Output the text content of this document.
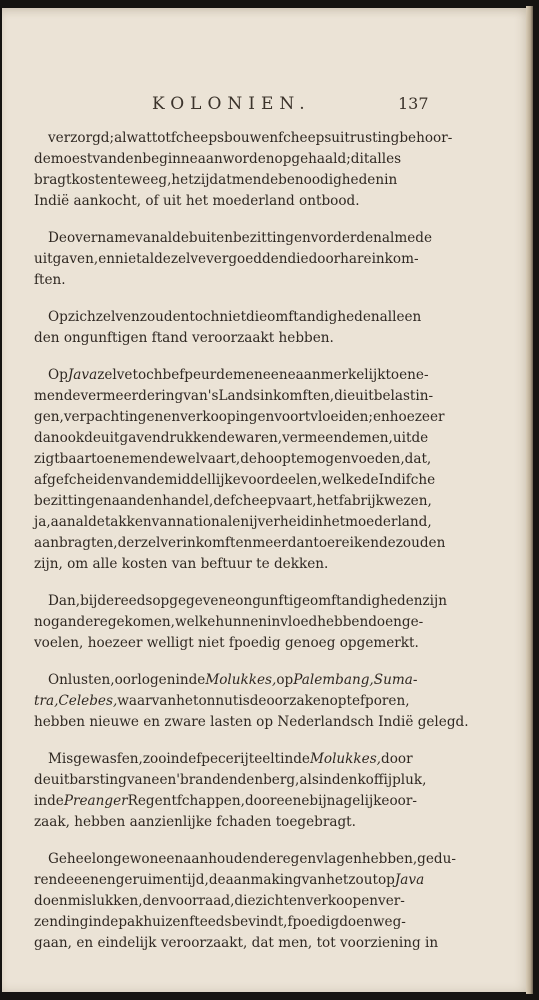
KOLONIEN.	137
verzorgd ; al wat tot fcheepsbouw en fcheepsuitrusting behoor-
de moest van den beginne aan worden opgehaald ; dit alles
bragt kosten te weeg, hetzij dat men de benoodigheden in
Indië aankocht, of uit het moederland ontbood.
De overname van al de buitenbezittingen vorderden almede
uitgaven, en niet al dezelve vergoedden die door hare inkom-
ften.
Op zich zelven zouden toch niet die omftandigheden alleen
den ongunftigen ftand veroorzaakt hebben.
Op Java zelve toch befpeurde men eene aanmerkelijk toene-
mende vermeerdering van 's Lands inkomften, die uit belastin-
gen, verpachtingen en verkoopingen voortvloeiden; en hoezeer
dan ook de uitgaven drukkende waren, vermeende men, uit de
zigtbaar toenemende welvaart, de hoop te mogen voeden, dat,
afgefcheiden van de middellijke voordeelen, welke de Indifche
bezittingen aan den handel, de fcheepvaart, het fabrijkwezen,
ja, aan al de takken van nationale nijverheid in het moederland,
aanbragten, derzelver inkomften meer dan toereikende zouden
zijn, om alle kosten van beftuur te dekken.
Dan, bij de reeds opgegevene ongunftige omftandigheden zijn
nog andere gekomen, welke hunnen invloed hebben doen ge-
voelen, hoezeer welligt niet fpoedig genoeg opgemerkt.
Onlusten, oorlogen in de Molukkes, op Palembang, Suma-
tra, Celebes, waarvan het onnut is de oorzaken op te fporen,
hebben nieuwe en zware lasten op Nederlandsch Indië gelegd.
Misgewasfen, zoo in de fpecerijteelt in de Molukkes, door
de uitbarsting van een' brandenden berg, als in den koffijpluk,
in de Preanger Regentfchappen, door eene bijna gelijke oor-
zaak, hebben aanzienlijke fchaden toegebragt.
Geheel ongewone en aanhoudende regenvlagen hebben, gedu-
rende eenen geruimen tijd, de aanmaking van het zout op Java
doen mislukken, den voorraad, die zich ten verkoop en ver-
zending in de pakhuizen fteeds bevindt, fpoedig doen weg-
gaan, en eindelijk veroorzaakt, dat men, tot voorziening in
